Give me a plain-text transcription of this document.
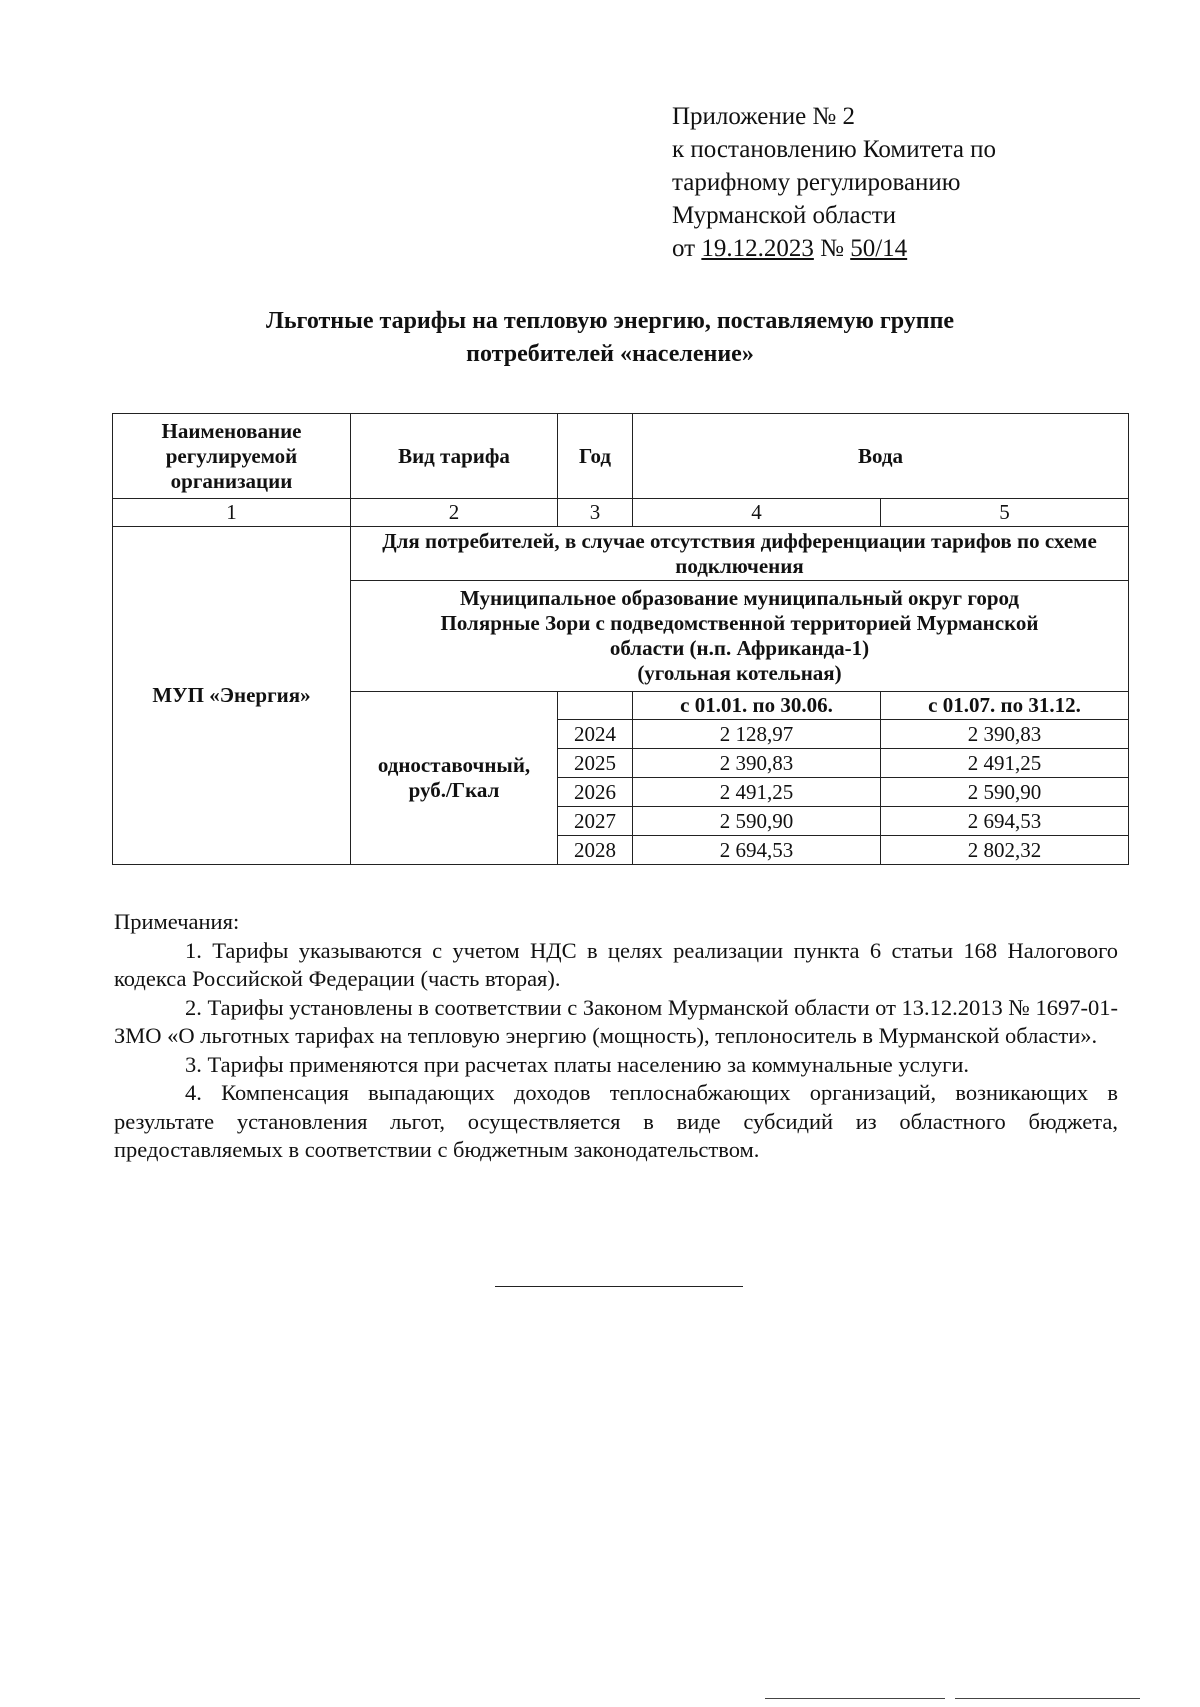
Приложение № 2
к постановлению Комитета по
тарифному регулированию
Мурманской области
от 19.12.2023 № 50/14
Льготные тарифы на тепловую энергию, поставляемую группе
потребителей «население»
Наименование регулируемой организации	Вид тарифа	Год	Вода	
1	2	3	4	5
МУП «Энергия»	Для потребителей, в случае отсутствия дифференциации тарифов по схеме подключения			

	Муниципальное образование муниципальный округ город
Полярные Зори с подведомственной территорией Мурманской
области (н.п. Африканда-1)
(угольная котельная)			

	одноставочный, руб./Гкал		с 01.01. по 30.06.	с 01.07. по 31.12.
		2024	2 128,97	2 390,83
		2025	2 390,83	2 491,25
		2026	2 491,25	2 590,90
		2027	2 590,90	2 694,53
		2028	2 694,53	2 802,32

Примечания:

1. Тарифы указываются с учетом НДС в целях реализации пункта 6 статьи 168 Налогового кодекса Российской Федерации (часть вторая).

2. Тарифы установлены в соответствии с Законом Мурманской области от 13.12.2013 № 1697-01-ЗМО «О льготных тарифах на тепловую энергию (мощность), теплоноситель в Мурманской области».

3. Тарифы применяются при расчетах платы населению за коммунальные услуги.

4. Компенсация выпадающих доходов теплоснабжающих организаций, возникающих в результате установления льгот, осуществляется в виде субсидий из областного бюджета, предоставляемых в соответствии с бюджетным законодательством.
